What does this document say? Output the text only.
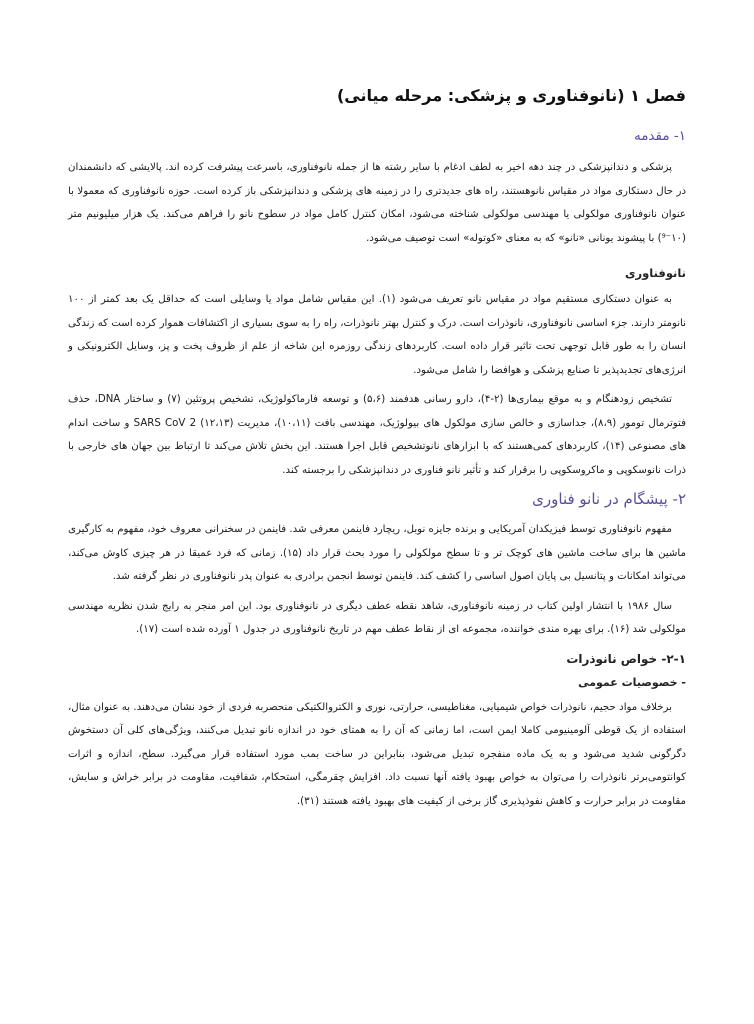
فصل ۱ (نانوفناوری و پزشکی: مرحله میانی)
۱- مقدمه

پزشکی و دندانپزشکی در چند دهه اخیر به لطف ادغام با سایر رشته ها از جمله نانوفناوری، باسرعت پیشرفت کرده اند. پالایشی که دانشمندان در حال دستکاری مواد در مقیاس نانوهستند، راه های جدیدتری را در زمینه های پزشکی و دندانپزشکی باز کرده است. حوزه نانوفناوری که معمولا با عنوان نانوفناوری مولکولی یا مهندسی مولکولی شناخته می‌شود، امکان کنترل کامل مواد در سطوح نانو را فراهم می‌کند. یک هزار میلیونیم متر (۱۰⁻⁹) با پیشوند یونانی «نانو» که به معنای «کوتوله» است توصیف می‌شود.

نانوفناوری

به عنوان دستکاری مستقیم مواد در مقیاس نانو تعریف می‌شود (۱). این مقیاس شامل مواد یا وسایلی است که حداقل یک بعد کمتر از ۱۰۰ نانومتر دارند. جزء اساسی نانوفناوری، نانوذرات است. درک و کنترل بهتر نانوذرات، راه را به سوی بسیاری از اکتشافات هموار کرده است که زندگی انسان را به طور قابل توجهی تحت تاثیر قرار داده است. کاربردهای زندگی روزمره این شاخه از علم از ظروف پخت و پز، وسایل الکترونیکی و انرژی‌های تجدیدپذیر تا صنایع پزشکی و هوافضا را شامل می‌شود.

تشخیص زودهنگام و به موقع بیماری‌ها (۲-۴)، دارو رسانی هدفمند (۵،۶) و توسعه فارماکولوژیک، تشخیص پروتئین (۷) و ساختار DNA، حذف فتوترمال تومور (۸،۹)، جداسازی و خالص سازی مولکول های بیولوژیک، مهندسی بافت (۱۰،۱۱)، مدیریت SARS CoV 2 (۱۲،۱۳) و ساخت اندام های مصنوعی (۱۴)، کاربردهای کمی‌هستند که با ابزارهای نانوتشخیص قابل اجرا هستند. این بخش تلاش می‌کند تا ارتباط بین جهان های خارجی با ذرات نانوسکوپی و ماکروسکوپی را برقرار کند و تأثیر نانو فناوری در دندانپزشکی را برجسته کند.

۲- پیشگام در نانو فناوری

مفهوم نانوفناوری توسط فیزیکدان آمریکایی و برنده جایزه نوبل، ریچارد فاینمن معرفی شد. فاینمن در سخنرانی معروف خود، مفهوم به کارگیری ماشین ها برای ساخت ماشین های کوچک تر و تا سطح مولکولی را مورد بحث قرار داد (۱۵). زمانی که فرد عمیقا در هر چیزی کاوش می‌کند، می‌تواند امکانات و پتانسیل بی پایان اصول اساسی را کشف کند. فاینمن توسط انجمن برادری به عنوان پدر نانوفناوری در نظر گرفته شد.

سال ۱۹۸۶ با انتشار اولین کتاب در زمینه نانوفناوری، شاهد نقطه عطف دیگری در نانوفناوری بود. این امر منجر به رایج شدن نظریه مهندسی مولکولی شد (۱۶). برای بهره مندی خواننده، مجموعه ای از نقاط عطف مهم در تاریخ نانوفناوری در جدول ۱ آورده شده است (۱۷).

۲-۱- خواص نانوذرات
- خصوصیات عمومی

برخلاف مواد حجیم، نانوذرات خواص شیمیایی، مغناطیسی، حرارتی، نوری و الکتروالکتیکی منحصربه فردی از خود نشان می‌دهند. به عنوان مثال، استفاده از یک قوطی آلومینیومی کاملا ایمن است، اما زمانی که آن را به همتای خود در اندازه نانو تبدیل می‌کنند، ویژگی‌های کلی آن دستخوش دگرگونی شدید می‌شود و به یک ماده منفجره تبدیل می‌شود، بنابراین در ساخت بمب مورد استفاده قرار می‌گیرد. سطح، اندازه و اثرات کوانتومی‌برتر نانوذرات را می‌توان به خواص بهبود یافته آنها نسبت داد. افزایش چقرمگی، استحکام، شفافیت، مقاومت در برابر خراش و سایش، مقاومت در برابر حرارت و کاهش نفوذپذیری گاز برخی از کیفیت های بهبود یافته هستند (۳۱).
